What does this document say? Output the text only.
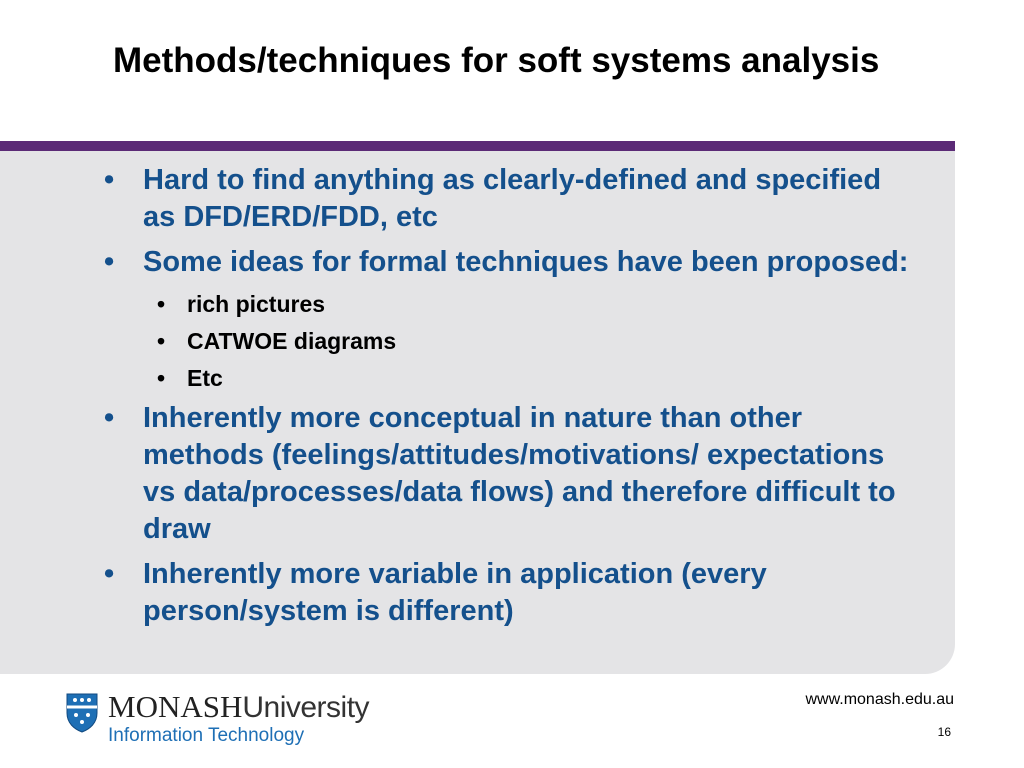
Methods/techniques for soft systems analysis
• Hard to find anything as clearly-defined and specified as DFD/ERD/FDD, etc
• Some ideas for formal techniques have been proposed:
• rich pictures
• CATWOE diagrams
• Etc
• Inherently more conceptual in nature than other methods (feelings/attitudes/motivations/ expectations vs data/processes/data flows) and therefore difficult to draw
• Inherently more variable in application (every person/system is different)
MONASHUniversity
Information Technology
www.monash.edu.au
16
